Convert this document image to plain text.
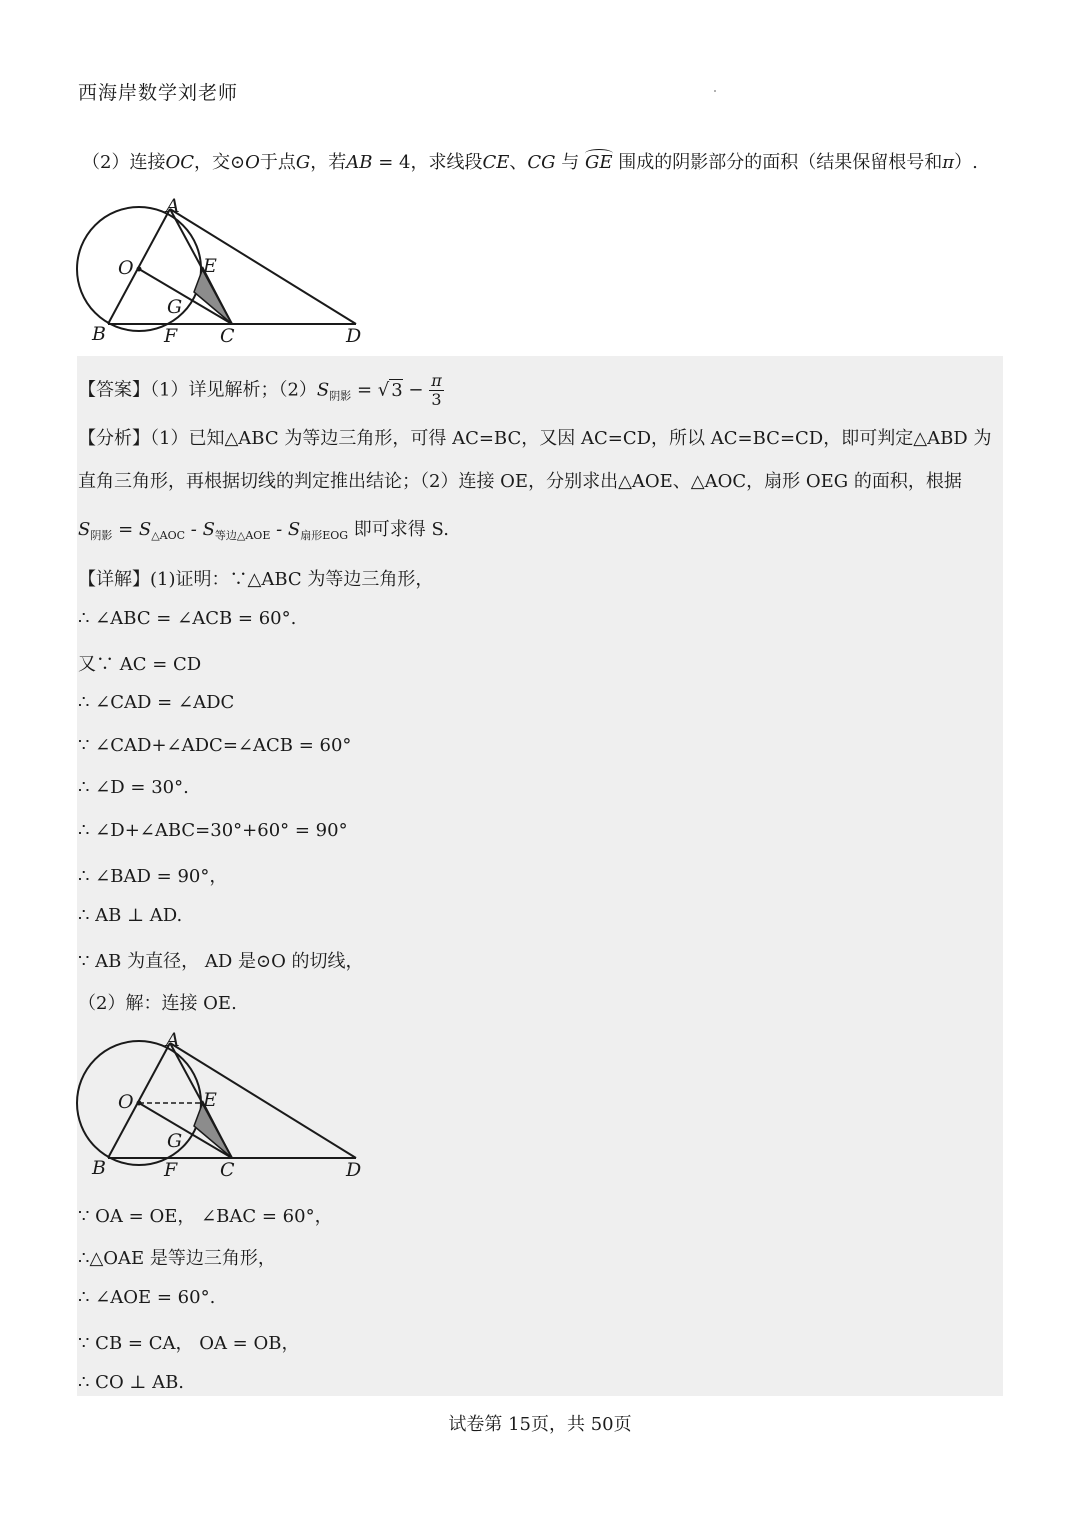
西海岸数学刘老师
（2）连接OC，交⊙O于点G，若AB = 4，求线段CE、CG 与 GE 围成的阴影部分的面积（结果保留根号和π）.
A
O	E
G
B	F C	D
【答案】（1）详见解析；$(2)S_{阴影}$ = √ $3 - \frac{\pi}{3}$
【分析】（1）已知△ABC 为等边三角形，可得 AC=BC，又因 AC=CD，所以 AC=BC=CD，即可判定△ABD 为
直角三角形，再根据切线的判定推出结论；（2）连接 OE，分别求出△AOE、△AOC，扇形 OEG 的面积，根据
$S_{阴影} = S_{\triangle AOC} - S_{等边\triangle AOE} - S_{扇形EOG}$ 即可求得 S.
【详解】(1)证明：∵△ABC 为等边三角形，
∴ ∠ABC = ∠ACB = 60°.
又∵ AC = CD
∴ ∠CAD = ∠ADC
∵ ∠CAD+∠ADC=∠ACB = 60°
∴ ∠D = 30°.
∴ ∠D+∠ABC=30°+60° = 90°
∴ ∠BAD = 90°，
∴ AB ⊥ AD.
∵ AB 为直径， AD 是⊙O 的切线，
（2）解：连接 OE.
A
O	E
G
B	F C	D
∵ OA = OE， ∠BAC = 60°，
∴△OAE 是等边三角形，
∴ ∠AOE = 60°.
∵ CB = CA， OA = OB，
∴ CO ⊥ AB.
试卷第 15页，共 50页
